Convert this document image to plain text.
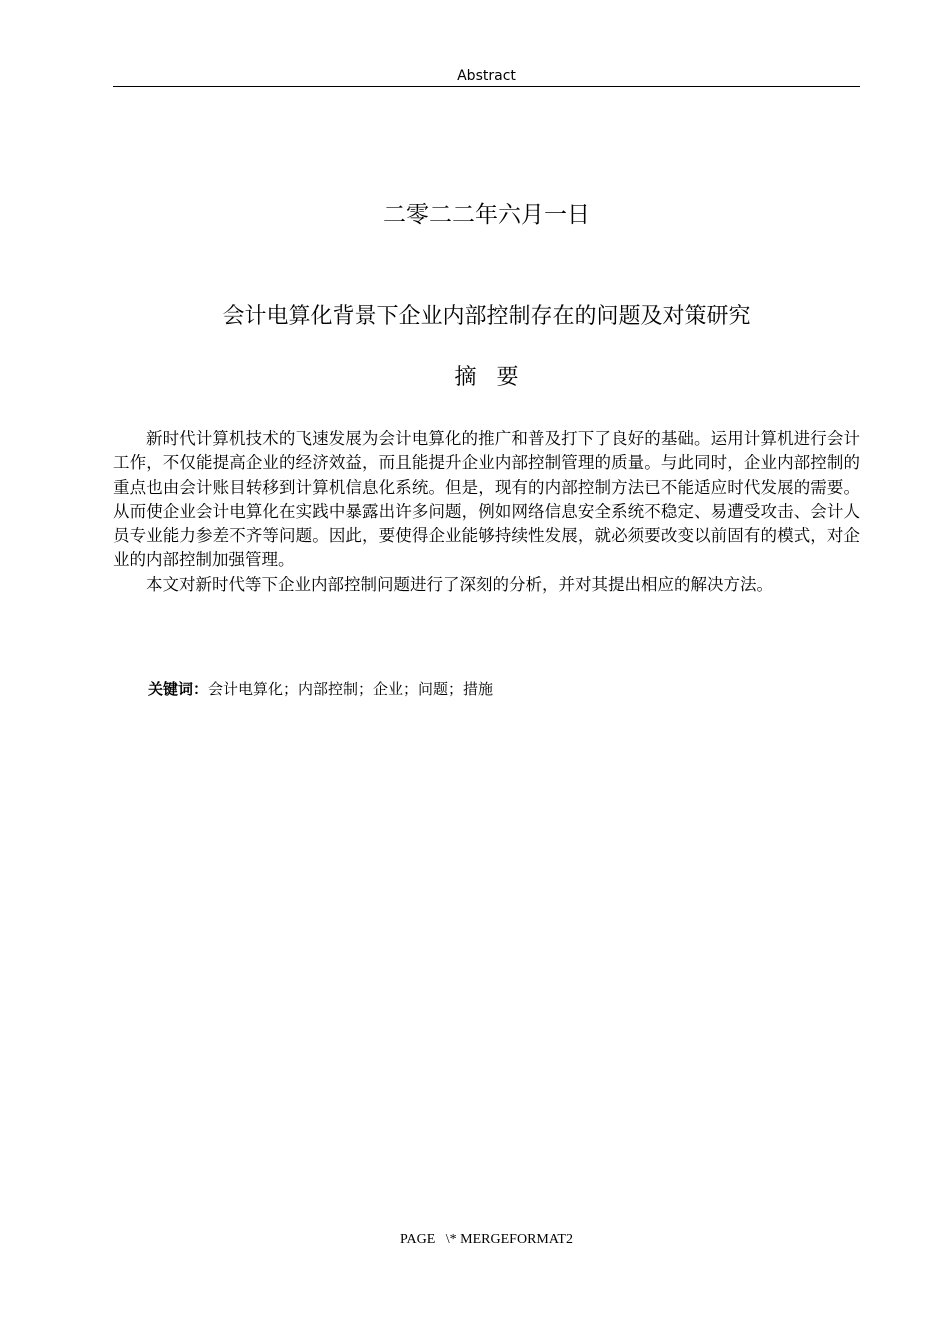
Abstract
二零二二年六月一日
会计电算化背景下企业内部控制存在的问题及对策研究
摘要

新时代计算机技术的飞速发展为会计电算化的推广和普及打下了良好的基础。运用计算机进行会计工作，不仅能提高企业的经济效益，而且能提升企业内部控制管理的质量。与此同时，企业内部控制的重点也由会计账目转移到计算机信息化系统。但是，现有的内部控制方法已不能适应时代发展的需要。从而使企业会计电算化在实践中暴露出许多问题，例如网络信息安全系统不稳定、易遭受攻击、会计人员专业能力参差不齐等问题。因此，要使得企业能够持续性发展，就必须要改变以前固有的模式，对企业的内部控制加强管理。

本文对新时代等下企业内部控制问题进行了深刻的分析，并对其提出相应的解决方法。

关键词：会计电算化；内部控制；企业；问题；措施
PAGE   \* MERGEFORMAT2
